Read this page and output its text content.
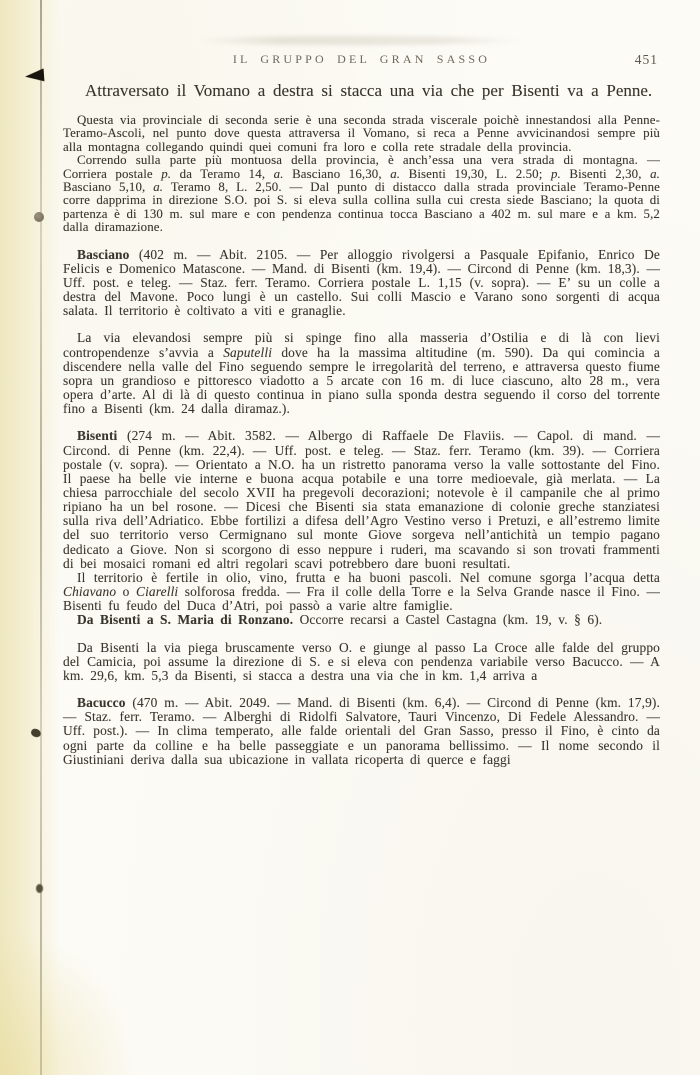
IL GRUPPO DEL GRAN SASSO	451

Attraversato il Vomano a destra si stacca una via che per Bisenti va a Penne.

Questa via provinciale di seconda serie è una seconda strada viscerale poichè innestandosi alla Penne-Teramo-Ascoli, nel punto dove questa attraversa il Vomano, si reca a Penne avvicinandosi sempre più alla montagna collegando quindi quei comuni fra loro e colla rete stradale della provincia.

Correndo sulla parte più montuosa della provincia, è anch’essa una vera strada di montagna. — Corriera postale p. da Teramo 14, a. Basciano 16,30, a. Bisenti 19,30, L. 2.50; p. Bisenti 2,30, a. Basciano 5,10, a. Teramo 8, L. 2,50. — Dal punto di distacco dalla strada provinciale Teramo-Penne corre dapprima in direzione S.O. poi S. si eleva sulla collina sulla cui cresta siede Basciano; la quota di partenza è di 130 m. sul mare e con pendenza continua tocca Basciano a 402 m. sul mare e a km. 5,2 dalla diramazione.

Basciano (402 m. — Abit. 2105. — Per alloggio rivolgersi a Pasquale Epifanio, Enrico De Felicis e Domenico Matascone. — Mand. di Bisenti (km. 19,4). — Circond di Penne (km. 18,3). — Uff. post. e teleg. — Staz. ferr. Teramo. Corriera postale L. 1,15 (v. sopra). — E’ su un colle a destra del Mavone. Poco lungi è un castello. Sui colli Mascio e Varano sono sorgenti di acqua salata. Il territorio è coltivato a viti e granaglie.

La via elevandosi sempre più si spinge fino alla masseria d’Ostilia e di là con lievi contropendenze s’avvia a Saputelli dove ha la massima altitudine (m. 590). Da qui comincia a discendere nella valle del Fino seguendo sempre le irregolarità del terreno, e attraversa questo fiume sopra un grandioso e pittoresco viadotto a 5 arcate con 16 m. di luce ciascuno, alto 28 m., vera opera d’arte. Al di là di questo continua in piano sulla sponda destra seguendo il corso del torrente fino a Bisenti (km. 24 dalla diramaz.).

Bisenti (274 m. — Abit. 3582. — Albergo di Raffaele De Flaviis. — Capol. di mand. — Circond. di Penne (km. 22,4). — Uff. post. e teleg. — Staz. ferr. Teramo (km. 39). — Corriera postale (v. sopra). — Orientato a N.O. ha un ristretto panorama verso la valle sottostante del Fino. Il paese ha belle vie interne e buona acqua potabile e una torre medioevale, già merlata. — La chiesa parrocchiale del secolo XVII ha pregevoli decorazioni; notevole è il campanile che al primo ripiano ha un bel rosone. — Dicesi che Bisenti sia stata emanazione di colonie greche stanziatesi sulla riva dell’Adriatico. Ebbe fortilizi a difesa dell’Agro Vestino verso i Pretuzi, e all’estremo limite del suo territorio verso Cermignano sul monte Giove sorgeva nell’antichità un tempio pagano dedicato a Giove. Non si scorgono di esso neppure i ruderi, ma scavando si son trovati frammenti di bei mosaici romani ed altri regolari scavi potrebbero dare buoni resultati.

Il territorio è fertile in olio, vino, frutta e ha buoni pascoli. Nel comune sgorga l’acqua detta Chiavano o Ciarelli solforosa fredda. — Fra il colle della Torre e la Selva Grande nasce il Fino. — Bisenti fu feudo del Duca d’Atri, poi passò a varie altre famiglie.

Da Bisenti a S. Maria di Ronzano. Occorre recarsi a Castel Castagna (km. 19, v. § 6).

Da Bisenti la via piega bruscamente verso O. e giunge al passo La Croce alle falde del gruppo del Camicia, poi assume la direzione di S. e si eleva con pendenza variabile verso Bacucco. — A km. 29,6, km. 5,3 da Bisenti, si stacca a destra una via che in km. 1,4 arriva a

Bacucco (470 m. — Abit. 2049. — Mand. di Bisenti (km. 6,4). — Circond di Penne (km. 17,9). — Staz. ferr. Teramo. — Alberghi di Ridolfi Salvatore, Tauri Vincenzo, Di Fedele Alessandro. — Uff. post.). — In clima temperato, alle falde orientali del Gran Sasso, presso il Fino, è cinto da ogni parte da colline e ha belle passeggiate e un panorama bellissimo. — Il nome secondo il Giustiniani deriva dalla sua ubicazione in vallata ricoperta di querce e faggi
